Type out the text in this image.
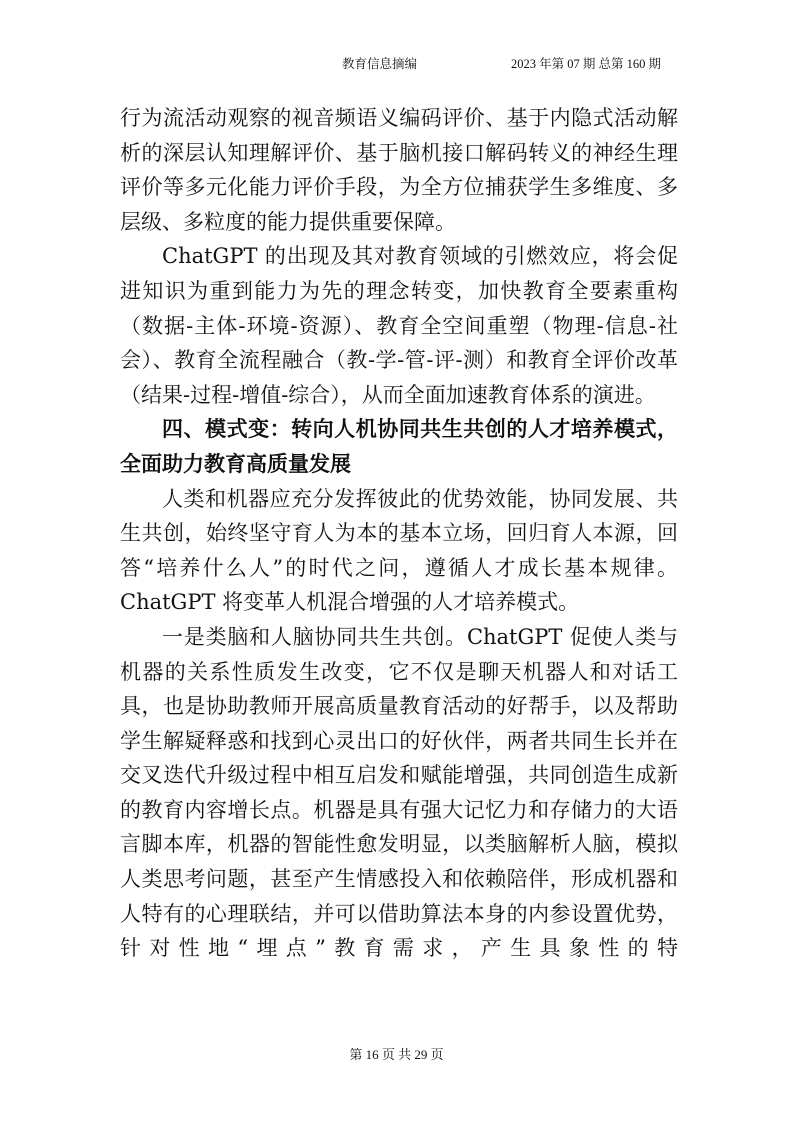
教育信息摘编	2023 年第 07 期 总第 160 期

行为流活动观察的视音频语义编码评价、基于内隐式活动解析的深层认知理解评价、基于脑机接口解码转义的神经生理评价等多元化能力评价手段，为全方位捕获学生多维度、多层级、多粒度的能力提供重要保障。

ChatGPT 的出现及其对教育领域的引燃效应，将会促进知识为重到能力为先的理念转变，加快教育全要素重构（数据-主体-环境-资源）、教育全空间重塑（物理-信息-社会）、教育全流程融合（教-学-管-评-测）和教育全评价改革（结果-过程-增值-综合），从而全面加速教育体系的演进。

四、模式变：转向人机协同共生共创的人才培养模式，全面助力教育高质量发展

人类和机器应充分发挥彼此的优势效能，协同发展、共生共创，始终坚守育人为本的基本立场，回归育人本源，回答“培养什么人”的时代之问，遵循人才成长基本规律。ChatGPT 将变革人机混合增强的人才培养模式。

一是类脑和人脑协同共生共创。ChatGPT 促使人类与机器的关系性质发生改变，它不仅是聊天机器人和对话工具，也是协助教师开展高质量教育活动的好帮手，以及帮助学生解疑释惑和找到心灵出口的好伙伴，两者共同生长并在交叉迭代升级过程中相互启发和赋能增强，共同创造生成新的教育内容增长点。机器是具有强大记忆力和存储力的大语言脚本库，机器的智能性愈发明显，以类脑解析人脑，模拟人类思考问题，甚至产生情感投入和依赖陪伴，形成机器和人特有的心理联结，并可以借助算法本身的内参设置优势，针对性地“埋点”教育需求，产生具象性的特

第 16 页 共 29 页
